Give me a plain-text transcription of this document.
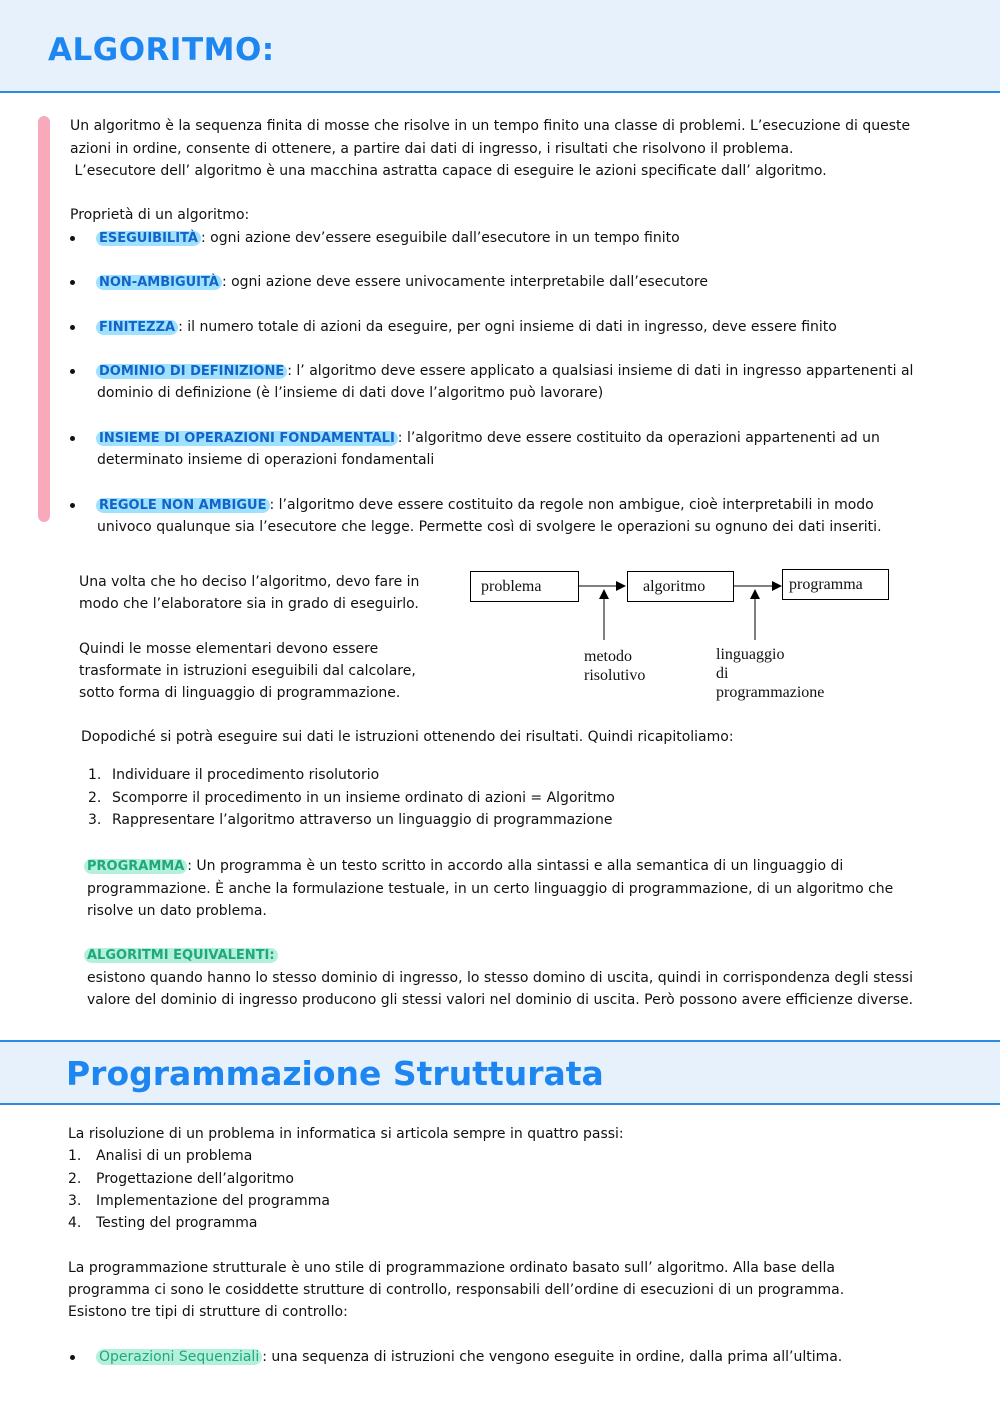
ALGORITMO:
Un algoritmo è la sequenza finita di mosse che risolve in un tempo finito una classe di problemi. L’esecuzione di queste
azioni in ordine, consente di ottenere, a partire dai dati di ingresso, i risultati che risolvono il problema.
L’esecutore dell’ algoritmo è una macchina astratta capace di eseguire le azioni specificate dall’ algoritmo.
Proprietà di un algoritmo:
ESEGUIBILITÀ : ogni azione dev’essere eseguibile dall’esecutore in un tempo finito
NON-AMBIGUITÀ : ogni azione deve essere univocamente interpretabile dall’esecutore
FINITEZZA : il numero totale di azioni da eseguire, per ogni insieme di dati in ingresso, deve essere finito
DOMINIO DI DEFINIZIONE : l’ algoritmo deve essere applicato a qualsiasi insieme di dati in ingresso appartenenti al
dominio di definizione (è l’insieme di dati dove l’algoritmo può lavorare)
INSIEME DI OPERAZIONI FONDAMENTALI : l’algoritmo deve essere costituito da operazioni appartenenti ad un
determinato insieme di operazioni fondamentali
REGOLE NON AMBIGUE : l’algoritmo deve essere costituito da regole non ambigue, cioè interpretabili in modo
univoco qualunque sia l’esecutore che legge. Permette così di svolgere le operazioni su ognuno dei dati inseriti.
Una volta che ho deciso l’algoritmo, devo fare in
modo che l’elaboratore sia in grado di eseguirlo.
Quindi le mosse elementari devono essere
trasformate in istruzioni eseguibili dal calcolare,
sotto forma di linguaggio di programmazione.
problema	algoritmo	programma
metodo
risolutivo
linguaggio
di
programmazione
Dopodiché si potrà eseguire sui dati le istruzioni ottenendo dei risultati. Quindi ricapitoliamo:
1. Individuare il procedimento risolutorio
2. Scomporre il procedimento in un insieme ordinato di azioni = Algoritmo
3. Rappresentare l’algoritmo attraverso un linguaggio di programmazione
PROGRAMMA : Un programma è un testo scritto in accordo alla sintassi e alla semantica di un linguaggio di
programmazione. È anche la formulazione testuale, in un certo linguaggio di programmazione, di un algoritmo che
risolve un dato problema.
ALGORITMI EQUIVALENTI:
esistono quando hanno lo stesso dominio di ingresso, lo stesso domino di uscita, quindi in corrispondenza degli stessi
valore del dominio di ingresso producono gli stessi valori nel dominio di uscita. Però possono avere efficienze diverse.
Programmazione Strutturata
La risoluzione di un problema in informatica si articola sempre in quattro passi:
1. Analisi di un problema
2. Progettazione dell’algoritmo
3. Implementazione del programma
4. Testing del programma
La programmazione strutturale è uno stile di programmazione ordinato basato sull’ algoritmo. Alla base della
programma ci sono le cosiddette strutture di controllo, responsabili dell’ordine di esecuzioni di un programma.
Esistono tre tipi di strutture di controllo:
Operazioni Sequenziali : una sequenza di istruzioni che vengono eseguite in ordine, dalla prima all’ultima.
